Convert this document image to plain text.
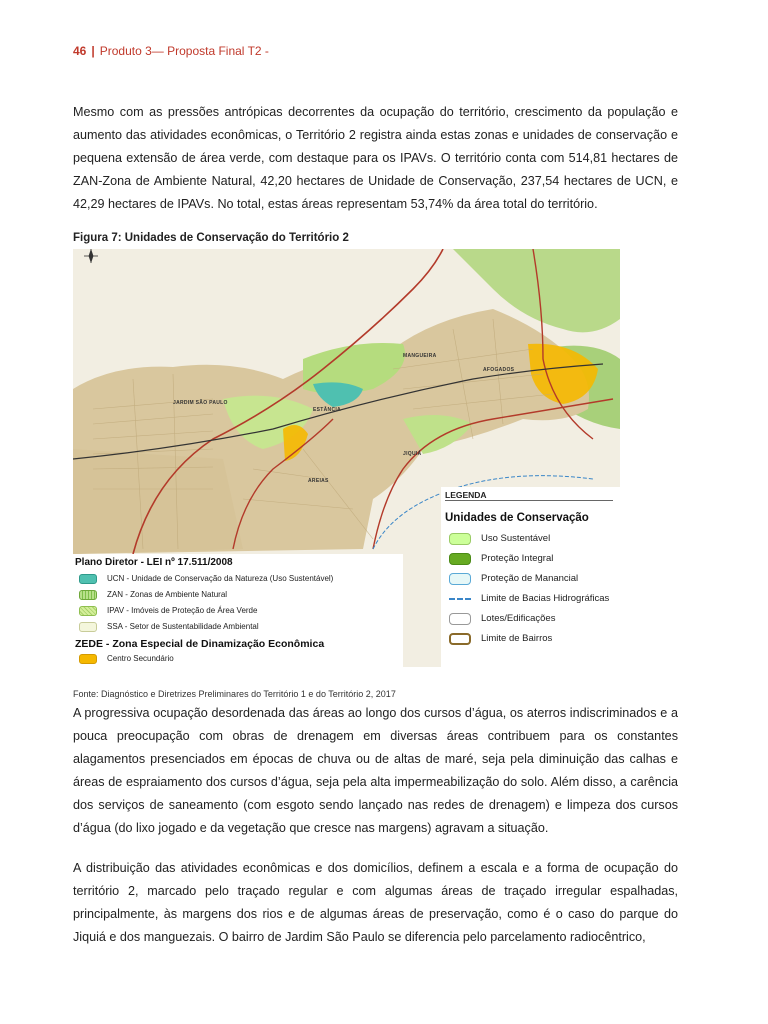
46 | Produto 3— Proposta Final T2 -

Mesmo com as pressões antrópicas decorrentes da ocupação do território, crescimento da população e aumento das atividades econômicas, o Território 2 registra ainda estas zonas e unidades de conservação e pequena extensão de área verde, com destaque para os IPAVs. O território conta com 514,81 hectares de ZAN-Zona de Ambiente Natural, 42,20 hectares de Unidade de Conservação, 237,54 hectares de UCN, e 42,29 hectares de IPAVs. No total, estas áreas representam 53,74% da área total do território.

Figura 7: Unidades de Conservação do Território 2
JARDIM SÃO PAULO
AFOGADOS
MANGUEIRA
ESTÂNCIA
AREIAS
JIQUIÁ
LEGENDA
Unidades de Conservação
Uso Sustentável
Proteção Integral
Proteção de Manancial
Limite de Bacias Hidrográficas
Lotes/Edificações
Limite de Bairros
Plano Diretor - LEI nº 17.511/2008
UCN - Unidade de Conservação da Natureza (Uso Sustentável)
ZAN - Zonas de Ambiente Natural
IPAV - Imóveis de Proteção de Área Verde
SSA - Setor de Sustentabilidade Ambiental
ZEDE - Zona Especial de Dinamização Econômica
Centro Secundário
Fonte: Diagnóstico e Diretrizes Preliminares do Território 1 e do Território 2, 2017

A progressiva ocupação desordenada das áreas ao longo dos cursos d’água, os aterros indiscriminados e a pouca preocupação com obras de drenagem em diversas áreas contribuem para os constantes alagamentos presenciados em épocas de chuva ou de altas de maré, seja pela diminuição das calhas e áreas de espraiamento dos cursos d’água, seja pela alta impermeabilização do solo. Além disso, a carência dos serviços de saneamento (com esgoto sendo lançado nas redes de drenagem) e limpeza dos cursos d’água (do lixo jogado e da vegetação que cresce nas margens) agravam a situação.

A distribuição das atividades econômicas e dos domicílios, definem a escala e a forma de ocupação do território 2, marcado pelo traçado regular e com algumas áreas de traçado irregular espalhadas, principalmente, às margens dos rios e de algumas áreas de preservação, como é o caso do parque do Jiquiá e dos manguezais. O bairro de Jardim São Paulo se diferencia pelo parcelamento radiocêntrico,
